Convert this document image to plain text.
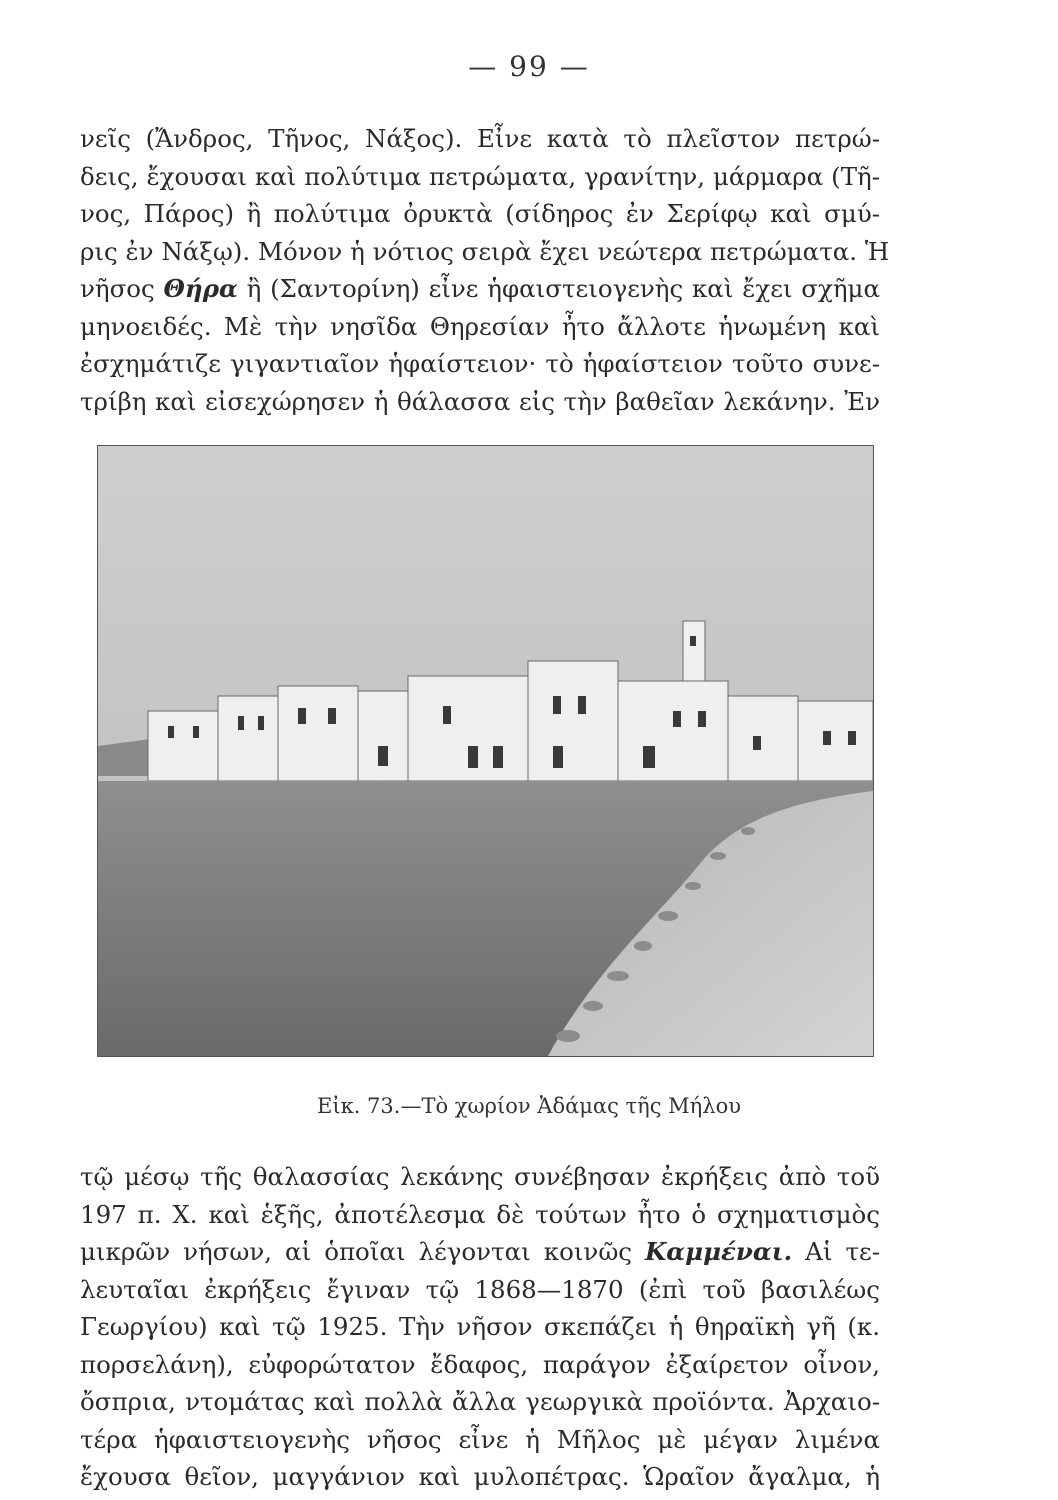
— 99 —
νεῖς (Ἄνδρος, Τῆνος, Νάξος). Εἶνε κατὰ τὸ πλεῖστον πετρώ-
δεις, ἔχουσαι καὶ πολύτιμα πετρώματα, γρανίτην, μάρμαρα (Τῆ-
νος, Πάρος) ἢ πολύτιμα ὀρυκτὰ (σίδηρος ἐν Σερίφῳ καὶ σμύ-
ρις ἐν Νάξῳ). Μόνον ἡ νότιος σειρὰ ἔχει νεώτερα πετρώματα. Ἡ
νῆσος Θήρα ἢ (Σαντορίνη) εἶνε ἡφαιστειογενὴς καὶ ἔχει σχῆμα
μηνοειδές. Μὲ τὴν νησῖδα Θηρεσίαν ἦτο ἄλλοτε ἡνωμένη καὶ
ἐσχημάτιζε γιγαντιαῖον ἡφαίστειον· τὸ ἡφαίστειον τοῦτο συνε-
τρίβη καὶ εἰσεχώρησεν ἡ θάλασσα εἰς τὴν βαθεῖαν λεκάνην. Ἐν
Εἰκ. 73.—Τὸ χωρίον Ἀδάμας τῆς Μήλου
τῷ μέσῳ τῆς θαλασσίας λεκάνης συνέβησαν ἐκρήξεις ἀπὸ τοῦ
197 π. Χ. καὶ ἑξῆς, ἀποτέλεσμα δὲ τούτων ἦτο ὁ σχηματισμὸς
μικρῶν νήσων, αἱ ὁποῖαι λέγονται κοινῶς Καμμέναι. Αἱ τε-
λευταῖαι ἐκρήξεις ἔγιναν τῷ 1868—1870 (ἐπὶ τοῦ βασιλέως
Γεωργίου) καὶ τῷ 1925. Τὴν νῆσον σκεπάζει ἡ θηραϊκὴ γῆ (κ.
πορσελάνη), εὐφορώτατον ἔδαφος, παράγον ἐξαίρετον οἶνον,
ὄσπρια, ντομάτας καὶ πολλὰ ἄλλα γεωργικὰ προϊόντα. Ἀρχαιο-
τέρα ἡφαιστειογενὴς νῆσος εἶνε ἡ Μῆλος μὲ μέγαν λιμένα
ἔχουσα θεῖον, μαγγάνιον καὶ μυλοπέτρας. Ὡραῖον ἄγαλμα, ἡ
